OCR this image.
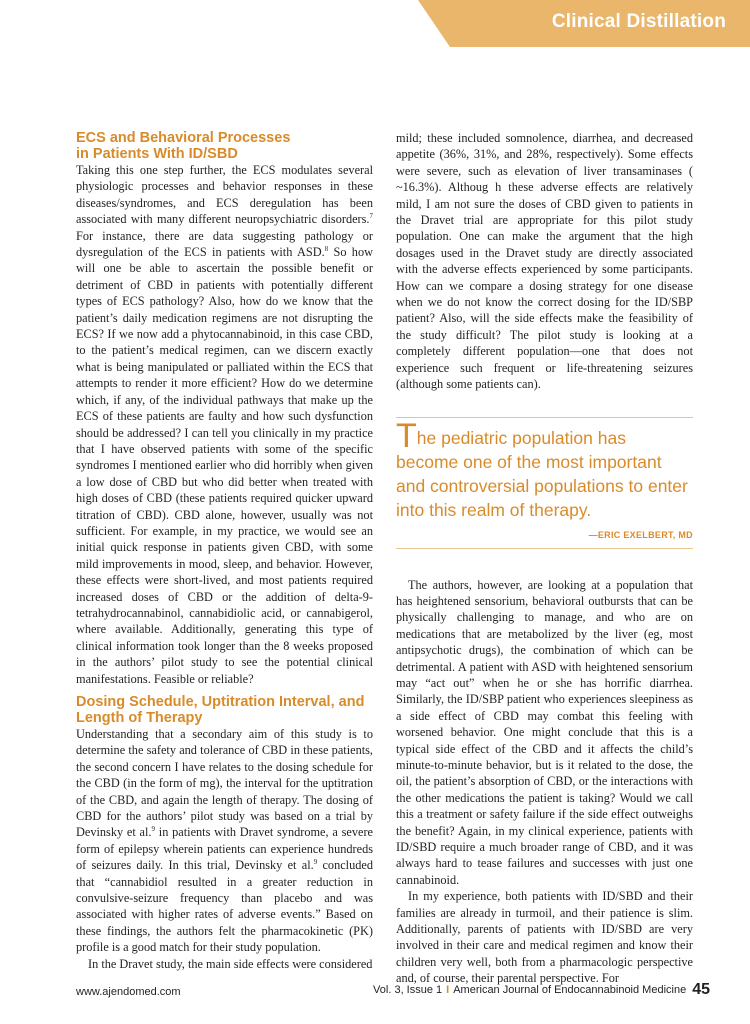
Clinical Distillation
ECS and Behavioral Processes
in Patients With ID/SBD

Taking this one step further, the ECS modulates several physiologic processes and behavior responses in these diseases/syndromes, and ECS deregulation has been associated with many different neuropsychiatric disorders.$^7$ For instance, there are data suggesting pathology or dysregulation of the ECS in patients with ASD.$^8$ So how will one be able to ascertain the possible benefit or detriment of CBD in patients with potentially different types of ECS pathology? Also, how do we know that the patient’s daily medication regimens are not disrupting the ECS? If we now add a phytocannabinoid, in this case CBD, to the patient’s medical regimen, can we discern exactly what is being manipulated or palliated within the ECS that attempts to render it more efficient? How do we determine which, if any, of the individual pathways that make up the ECS of these patients are faulty and how such dysfunction should be addressed? I can tell you clinically in my practice that I have observed patients with some of the specific syndromes I mentioned earlier who did horribly when given a low dose of CBD but who did better when treated with high doses of CBD (these patients required quicker upward titration of CBD). CBD alone, however, usually was not sufficient. For example, in my practice, we would see an initial quick response in patients given CBD, with some mild improvements in mood, sleep, and behavior. However, these effects were short-lived, and most patients required increased doses of CBD or the addition of delta-9-tetrahydrocannabinol, cannabidiolic acid, or cannabigerol, where available. Additionally, generating this type of clinical information took longer than the 8 weeks proposed in the authors’ pilot study to see the potential clinical manifestations. Feasible or reliable?

Dosing Schedule, Uptitration Interval, and
Length of Therapy

Understanding that a secondary aim of this study is to determine the safety and tolerance of CBD in these patients, the second concern I have relates to the dosing schedule for the CBD (in the form of mg), the interval for the uptitration of the CBD, and again the length of therapy. The dosing of CBD for the authors’ pilot study was based on a trial by Devinsky et al.$^9$ in patients with Dravet syndrome, a severe form of epilepsy wherein patients can experience hundreds of seizures daily. In this trial, Devinsky et al.$^9$ concluded that “cannabidiol resulted in a greater reduction in convulsive-seizure frequency than placebo and was associated with higher rates of adverse events.” Based on these findings, the authors felt the pharmacokinetic (PK) profile is a good match for their study population.

In the Dravet study, the main side effects were considered

mild; these included somnolence, diarrhea, and decreased appetite (36%, 31%, and 28%, respectively). Some effects were severe, such as elevation of liver transaminases ( ~16.3%). Althoug h these adverse effects are relatively mild, I am not sure the doses of CBD given to patients in the Dravet trial are appropriate for this pilot study population. One can make the argument that the high dosages used in the Dravet study are directly associated with the adverse effects experienced by some participants. How can we compare a dosing strategy for one disease when we do not know the correct dosing for the ID/SBP patient? Also, will the side effects make the feasibility of the study difficult? The pilot study is looking at a completely different population—one that does not experience such frequent or life-threatening seizures (although some patients can).

The pediatric population has become one of the most important and controversial populations to enter into this realm of therapy.

—ERIC EXELBERT, MD

The authors, however, are looking at a population that has heightened sensorium, behavioral outbursts that can be physically challenging to manage, and who are on medications that are metabolized by the liver (eg, most antipsychotic drugs), the combination of which can be detrimental. A patient with ASD with heightened sensorium may “act out” when he or she has horrific diarrhea. Similarly, the ID/SBP patient who experiences sleepiness as a side effect of CBD may combat this feeling with worsened behavior. One might conclude that this is a typical side effect of the CBD and it affects the child’s minute-to-minute behavior, but is it related to the dose, the oil, the patient’s absorption of CBD, or the interactions with the other medications the patient is taking? Would we call this a treatment or safety failure if the side effect outweighs the benefit? Again, in my clinical experience, patients with ID/SBD require a much broader range of CBD, and it was always hard to tease failures and successes with just one cannabinoid.

In my experience, both patients with ID/SBD and their families are already in turmoil, and their patience is slim. Additionally, parents of patients with ID/SBD are very involved in their care and medical regimen and know their children very well, both from a pharmacologic perspective and, of course, their parental perspective. For

www.ajendomed.com	Vol. 3, Issue 1 I American Journal of Endocannabinoid Medicine 45
